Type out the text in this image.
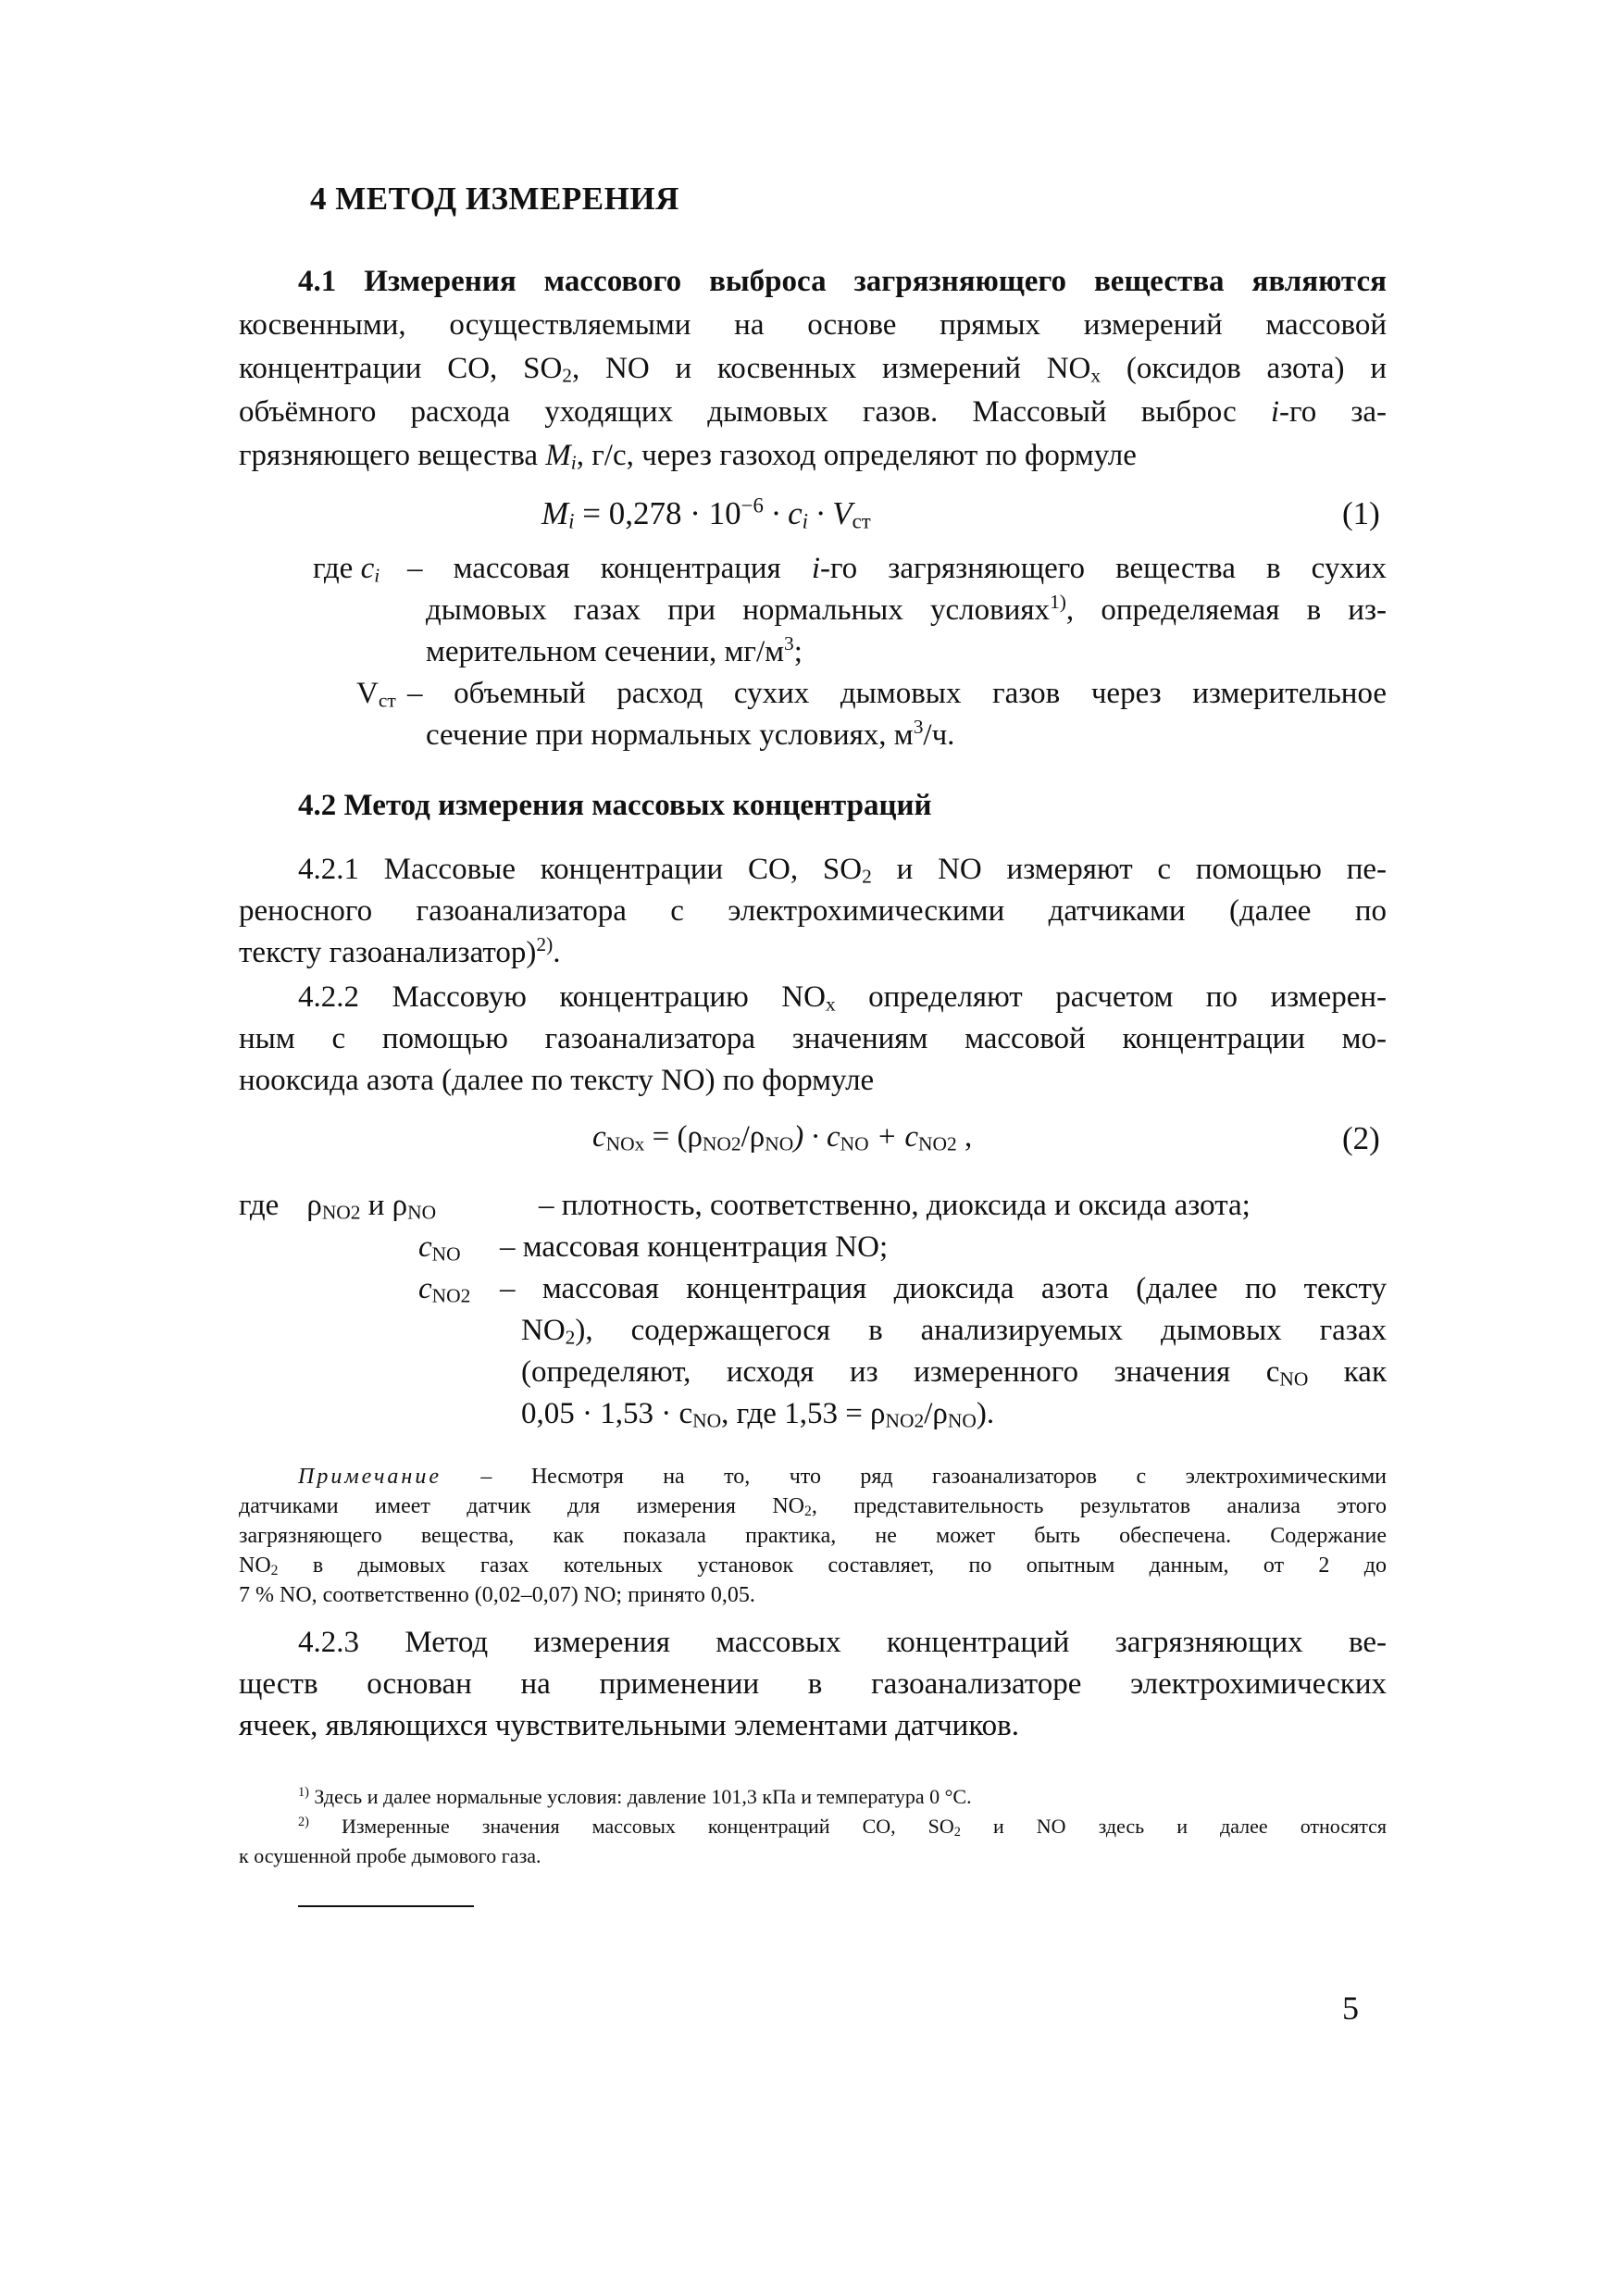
4 МЕТОД ИЗМЕРЕНИЯ
4.1 Измерения массового выброса загрязняющего вещества являются
косвенными, осуществляемыми на основе прямых измерений массовой
концентрации СО, $SO_2$, NO и косвенных измерений $NO_x$ (оксидов азота) и
объёмного расхода уходящих дымовых газов. Массовый выброс i-го за-
грязняющего вещества $M_i$, г/с, через газоход определяют по формуле
$M_i = 0,278 \cdot 10^{-6} \cdot c_i \cdot V_{ст}$	(1)
где $c_i$ – массовая концентрация i-го загрязняющего вещества в сухих
дымовых газах при нормальных условиях$^{1)}$, определяемая в из-
мерительном сечении, $мг/м^3$;
$V_{ст}$ – объемный расход сухих дымовых газов через измерительное
сечение при нормальных условиях, $м^3/ч$.
4.2 Метод измерения массовых концентраций
4.2.1 Массовые концентрации СО, $SO_2$ и NO измеряют с помощью пе-
реносного газоанализатора с электрохимическими датчиками (далее по
тексту газоанализатор)$^{2)}$.
4.2.2 Массовую концентрацию $NO_x$ определяют расчетом по измерен-
ным с помощью газоанализатора значениям массовой концентрации мо-
нооксида азота (далее по тексту NO) по формуле
$c_{NOx} = (\rho_{NO2}/\rho_{NO}) \cdot c_{NO} + c_{NO2}$ ,	(2)
где $\rho_{NO2}$ и $\rho_{NO}$	– плотность, соответственно, диоксида и оксида азота;
$c_{NO}$ – массовая концентрация NO;
$c_{NO2}$ – массовая концентрация диоксида азота (далее по тексту
$NO_2$), содержащегося в анализируемых дымовых газах
(определяют, исходя из измеренного значения $c_{NO}$ как
$0,05 \cdot 1,53 \cdot c_{NO}$, где $1,53 = \rho_{NO2}/\rho_{NO}$).
Примечание – Несмотря на то, что ряд газоанализаторов с электрохимическими
датчиками имеет датчик для измерения $NO_2$, представительность результатов анализа этого
загрязняющего вещества, как показала практика, не может быть обеспечена. Содержание
$NO_2$ в дымовых газах котельных установок составляет, по опытным данным, от 2 до
7 % NO, соответственно (0,02–0,07) NO; принято 0,05.
4.2.3 Метод измерения массовых концентраций загрязняющих ве-
ществ основан на применении в газоанализаторе электрохимических
ячеек, являющихся чувствительными элементами датчиков.
$^{1)}$ Здесь и далее нормальные условия: давление 101,3 кПа и температура 0 °С.
$^{2)}$ Измеренные значения массовых концентраций СО, $SO_2$ и NO здесь и далее относятся
к осушенной пробе дымового газа.
5
